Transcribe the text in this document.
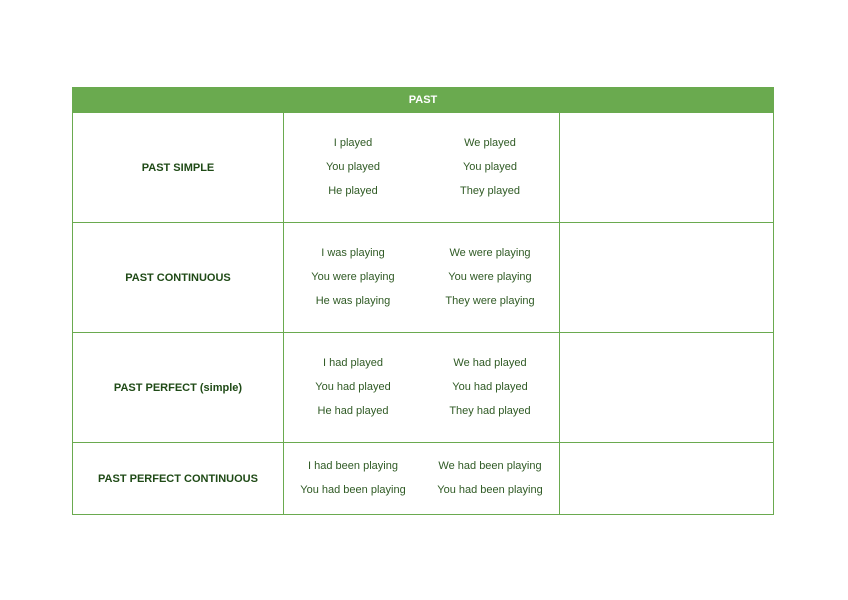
PAST
PAST SIMPLE
I played
You played
He played
We played
You played
They played
PAST CONTINUOUS
I was playing
You were playing
He was playing
We were playing
You were playing
They were playing
PAST PERFECT (simple)
I had played
You had played
He had played
We had played
You had played
They had played
PAST PERFECT CONTINUOUS
I had been playing
You had been playing
We had been playing
You had been playing
